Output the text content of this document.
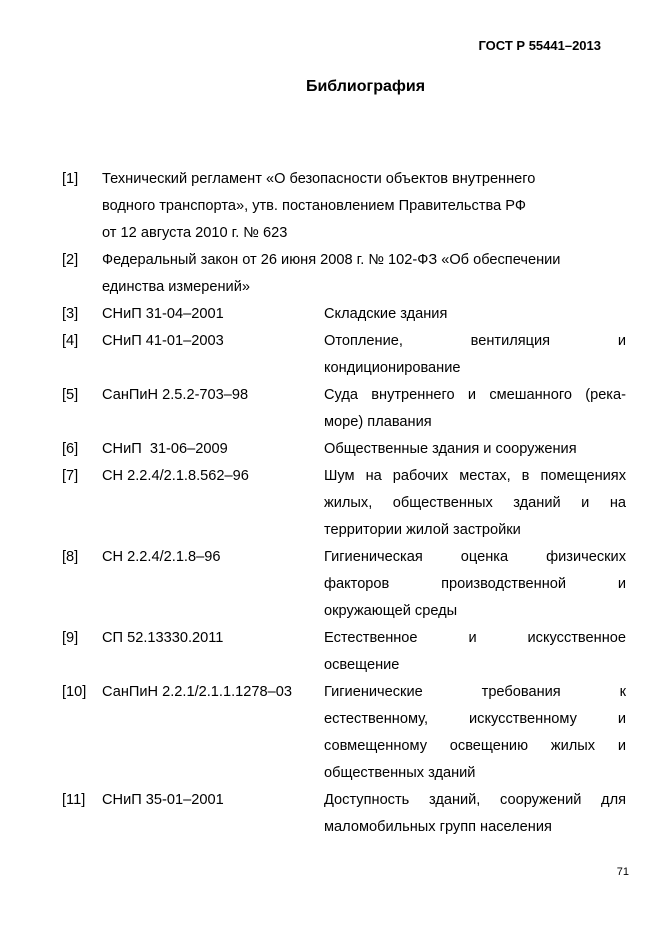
ГОСТ Р 55441–2013
Библиография
[1] Технический регламент «О безопасности объектов внутреннего
водного транспорта», утв. постановлением Правительства РФ
от 12 августа 2010 г. № 623
[2] Федеральный закон от 26 июня 2008 г. № 102-ФЗ «Об обеспечении
единства измерений»
[3] СНиП 31-04–2001	Складские здания
[4] СНиП 41-01–2003	Отопление, вентиляция и
кондиционирование
[5] СанПиН 2.5.2-703–98	Суда внутреннего и смешанного (река-
море) плавания
[6] СНиП  31-06–2009	Общественные здания и сооружения
[7] СН 2.2.4/2.1.8.562–96	Шум на рабочих местах, в помещениях
жилых, общественных зданий и на
территории жилой застройки
[8] СН 2.2.4/2.1.8–96	Гигиеническая оценка физических
факторов производственной и
окружающей среды
[9] СП 52.13330.2011	Естественное и искусственное
освещение
[10] СанПиН 2.2.1/2.1.1.1278–03 Гигиенические требования к
естественному, искусственному и
совмещенному освещению жилых и
общественных зданий
[11] СНиП 35-01–2001	Доступность зданий, сооружений для
маломобильных групп населения
71
